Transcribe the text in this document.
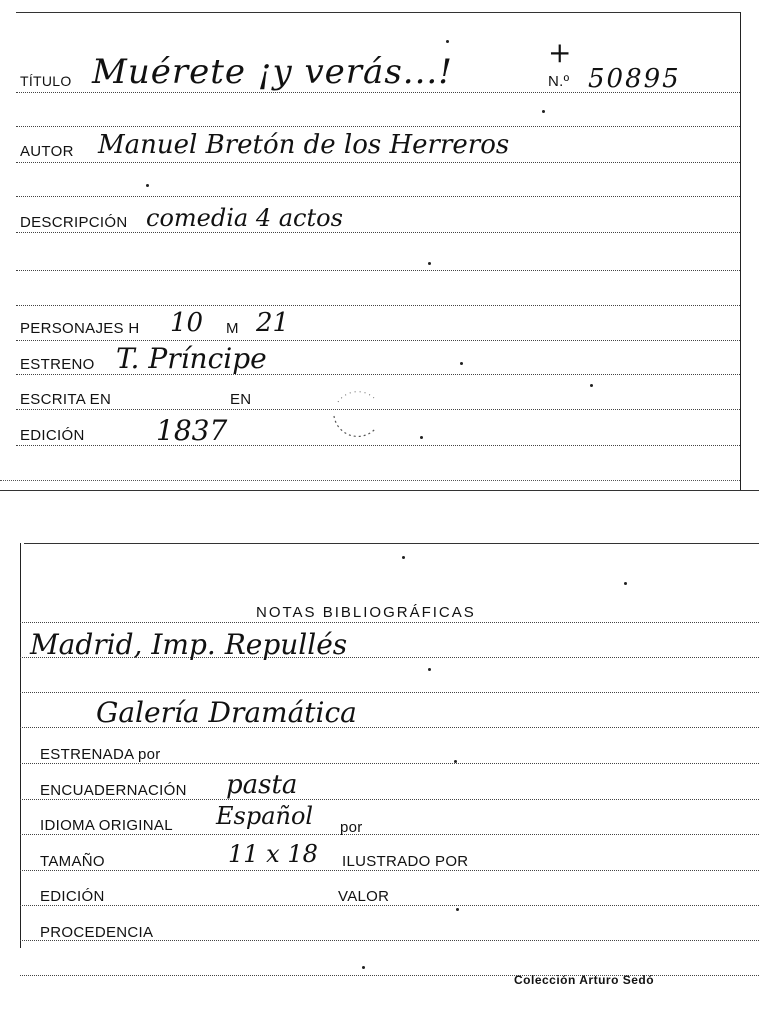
TÍTULO Muérete ¡y verás...!	+
N.º 50895
AUTOR Manuel Bretón de los Herreros
DESCRIPCIÓN comedia 4 actos
PERSONAJES H 10 M 21
ESTRENO T. Príncipe
ESCRITA EN	EN
EDICIÓN	1837
NOTAS BIBLIOGRÁFICAS
Madrid, Imp. Repullés
Galería Dramática
ESTRENADA por
ENCUADERNACIÓN pasta
IDIOMA ORIGINAL Español por
TAMAÑO	11 x 18 ILUSTRADO POR
EDICIÓN	VALOR
PROCEDENCIA
Colección Arturo Sedó
